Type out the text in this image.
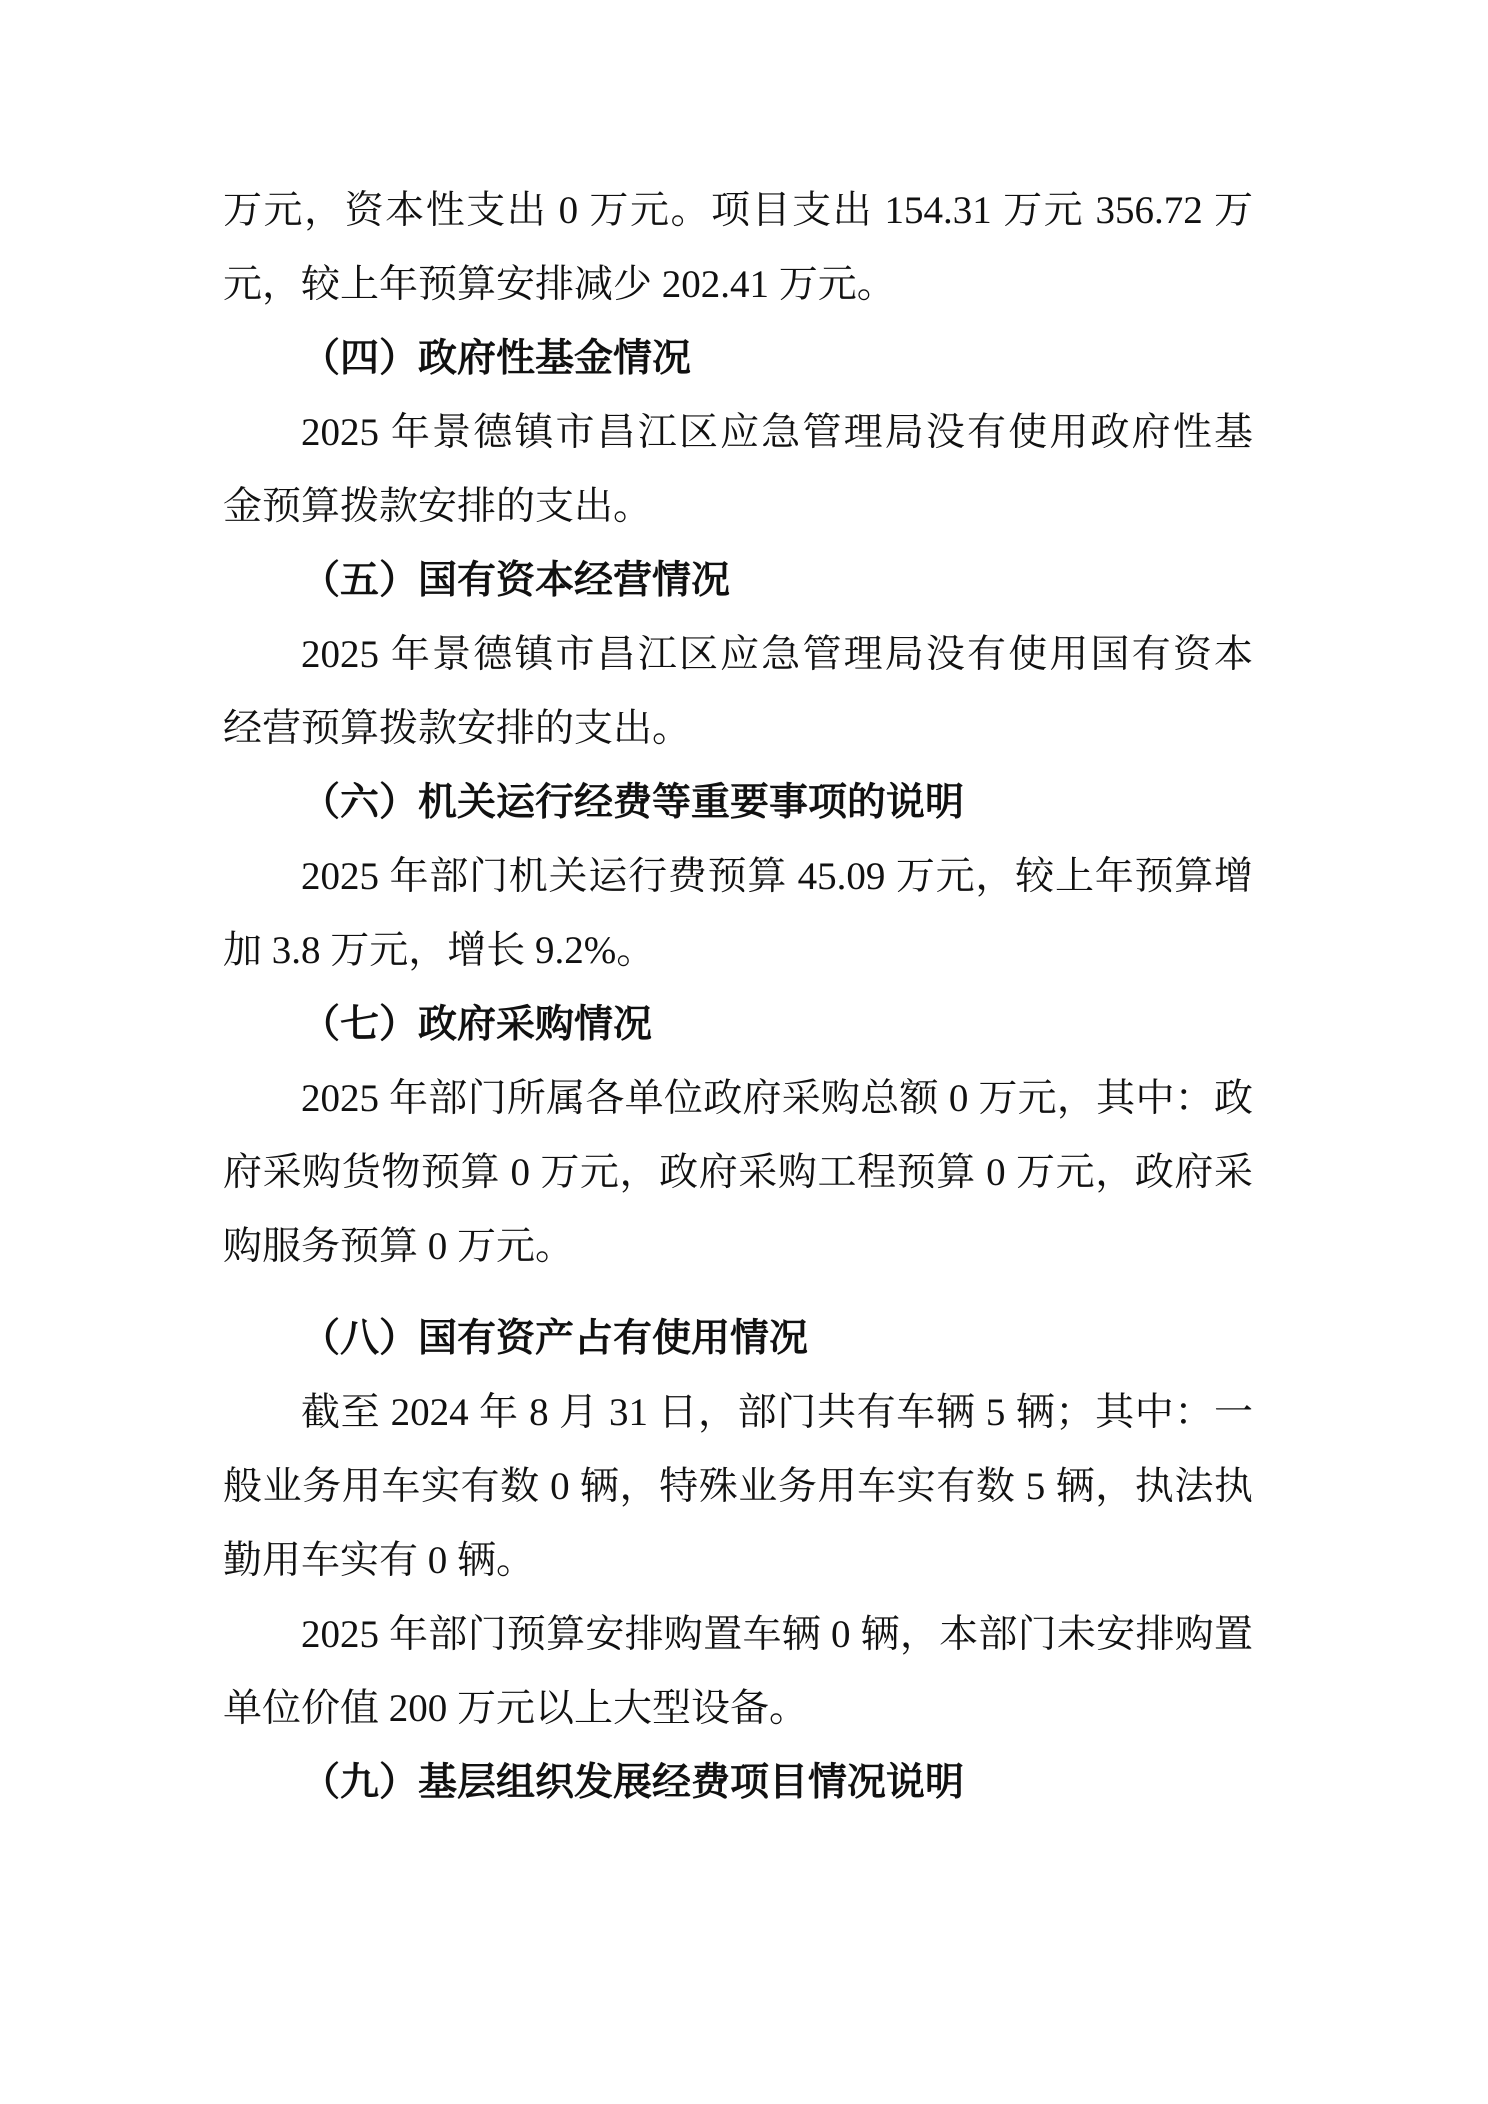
万元，资本性支出 0 万元。项目支出 154.31 万元 356.72 万
元，较上年预算安排减少 202.41 万元。
（四）政府性基金情况
2025 年景德镇市昌江区应急管理局没有使用政府性基
金预算拨款安排的支出。
（五）国有资本经营情况
2025 年景德镇市昌江区应急管理局没有使用国有资本
经营预算拨款安排的支出。
（六）机关运行经费等重要事项的说明
2025 年部门机关运行费预算 45.09 万元，较上年预算增
加 3.8 万元，增长 9.2%。
（七）政府采购情况
2025 年部门所属各单位政府采购总额 0 万元，其中：政
府采购货物预算 0 万元，政府采购工程预算 0 万元，政府采
购服务预算 0 万元。
（八）国有资产占有使用情况
截至 2024 年 8 月 31 日，部门共有车辆 5 辆；其中：一
般业务用车实有数 0 辆，特殊业务用车实有数 5 辆，执法执
勤用车实有 0 辆。
2025 年部门预算安排购置车辆 0 辆，本部门未安排购置
单位价值 200 万元以上大型设备。
（九）基层组织发展经费项目情况说明
